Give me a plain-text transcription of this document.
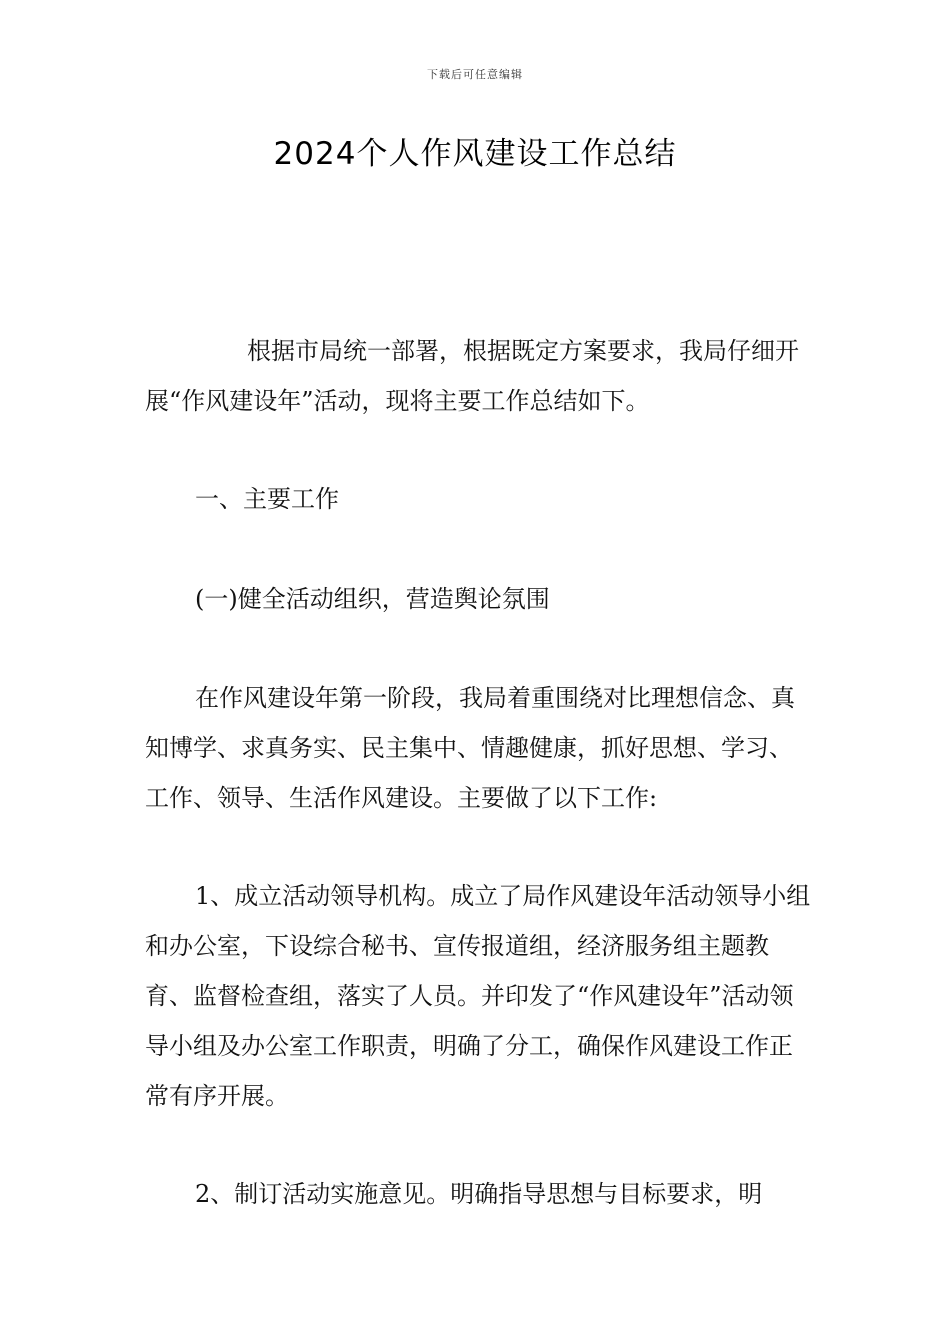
下载后可任意编辑
2024个人作风建设工作总结

根据市局统一部署，根据既定方案要求，我局仔细开展“作风建设年”活动，现将主要工作总结如下。

一、主要工作

(一)健全活动组织，营造舆论氛围

在作风建设年第一阶段，我局着重围绕对比理想信念、真知博学、求真务实、民主集中、情趣健康，抓好思想、学习、工作、领导、生活作风建设。主要做了以下工作:

1、成立活动领导机构。成立了局作风建设年活动领导小组和办公室，下设综合秘书、宣传报道组，经济服务组主题教育、监督检查组，落实了人员。并印发了“作风建设年”活动领导小组及办公室工作职责，明确了分工，确保作风建设工作正常有序开展。

2、制订活动实施意见。明确指导思想与目标要求，明
